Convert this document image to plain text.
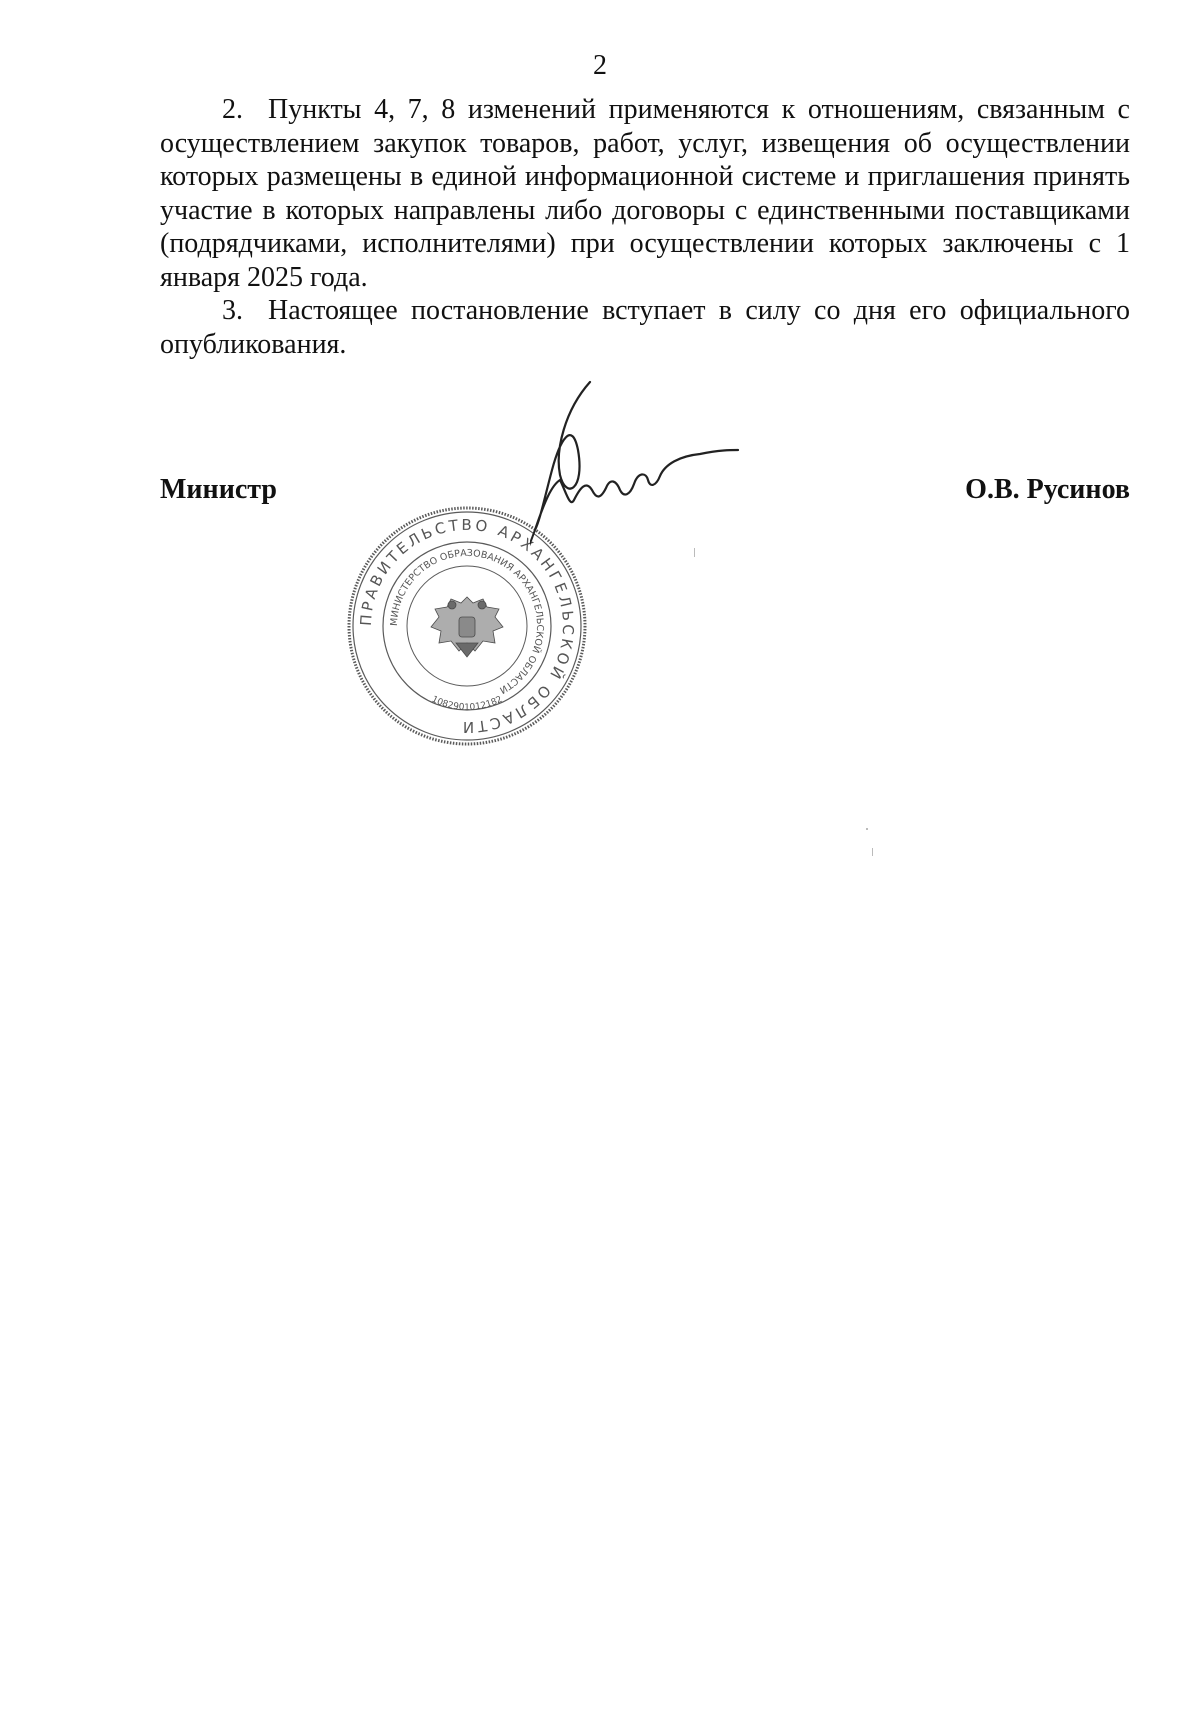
2

2. Пункты 4, 7, 8 изменений применяются к отношениям, связанным с осуществлением закупок товаров, работ, услуг, извещения об осуществлении которых размещены в единой информационной системе и приглашения принять участие в которых направлены либо договоры с единственными поставщиками (подрядчиками, исполнителями) при осуществлении которых заключены с 1 января 2025 года.

3. Настоящее постановление вступает в силу со дня его официального опубликования.

Министр	О.В. Русинов
ПРАВИТЕЛЬСТВО АРХАНГЕЛЬСКОЙ ОБЛАСТИ
МИНИСТЕРСТВО ОБРАЗОВАНИЯ АРХАНГЕЛЬСКОЙ ОБЛАСТИ
1082901012182
